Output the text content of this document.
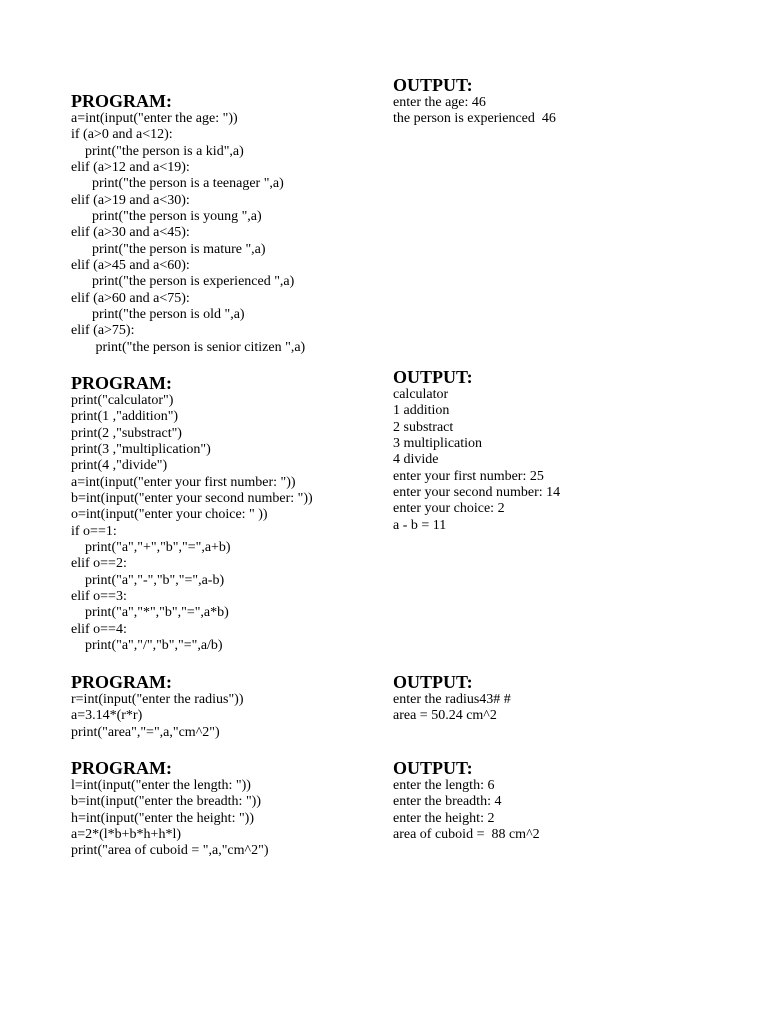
PROGRAM:
a=int(input("enter the age: "))
if (a>0 and a<12):
print("the person is a kid",a)
elif (a>12 and a<19):
print("the person is a teenager ",a)
elif (a>19 and a<30):
print("the person is young ",a)
elif (a>30 and a<45):
print("the person is mature ",a)
elif (a>45 and a<60):
print("the person is experienced ",a)
elif (a>60 and a<75):
print("the person is old ",a)
elif (a>75):
print("the person is senior citizen ",a)
OUTPUT:
enter the age: 46
the person is experienced  46
PROGRAM:
print("calculator")
print(1 ,"addition")
print(2 ,"substract")
print(3 ,"multiplication")
print(4 ,"divide")
a=int(input("enter your first number: "))
b=int(input("enter your second number: "))
o=int(input("enter your choice: " ))
if o==1:
print("a","+","b","=",a+b)
elif o==2:
print("a","-","b","=",a-b)
elif o==3:
print("a","*","b","=",a*b)
elif o==4:
print("a","/","b","=",a/b)
OUTPUT:
calculator
1 addition
2 substract
3 multiplication
4 divide
enter your first number: 25
enter your second number: 14
enter your choice: 2
a - b = 11
PROGRAM:
r=int(input("enter the radius"))
a=3.14*(r*r)
print("area","=",a,"cm^2")
OUTPUT:
enter the radius43# #
area = 50.24 cm^2
PROGRAM:
l=int(input("enter the length: "))
b=int(input("enter the breadth: "))
h=int(input("enter the height: "))
a=2*(l*b+b*h+h*l)
print("area of cuboid = ",a,"cm^2")
OUTPUT:
enter the length: 6
enter the breadth: 4
enter the height: 2
area of cuboid =  88 cm^2
